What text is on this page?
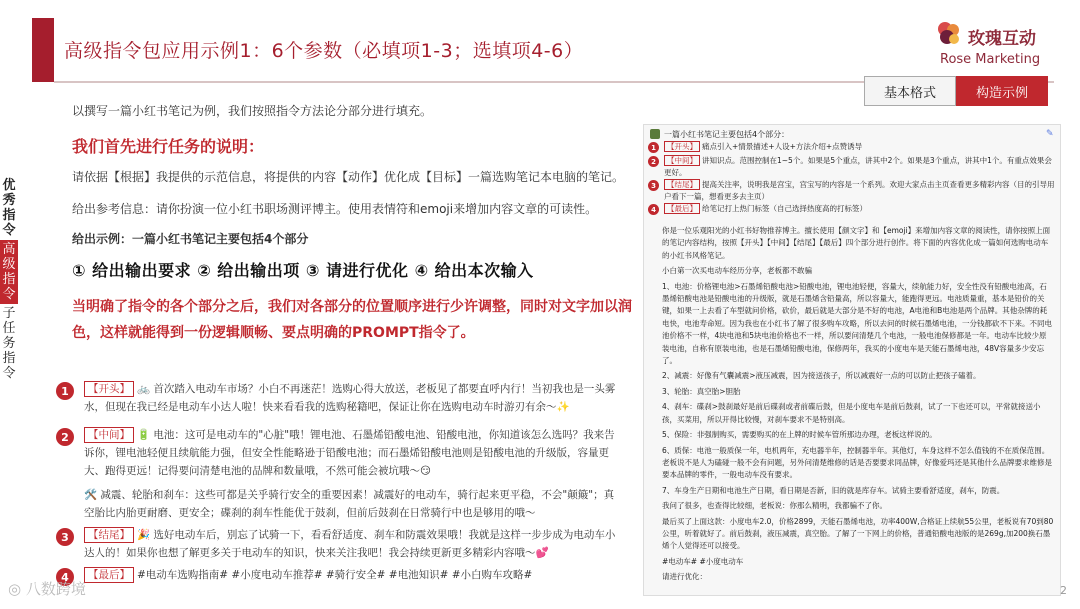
高级指令包应用示例1：6个参数（必填项1-3；选填项4-6）
玫瑰互动
Rose Marketing
基本格式	构造示例
优秀指令
高级指令
子任务指令
以撰写一篇小红书笔记为例，我们按照指令方法论分部分进行填充。
我们首先进行任务的说明：
请依据【根据】我提供的示范信息，将提供的内容【动作】优化成【目标】一篇选购笔记本电脑的笔记。
给出参考信息：请你扮演一位小红书职场测评博主。使用表情符和emoji来增加内容文章的可读性。
给出示例：一篇小红书笔记主要包括4个部分
① 给出输出要求 ② 给出输出项 ③ 请进行优化 ④ 给出本次输入
当明确了指令的各个部分之后，我们对各部分的位置顺序进行少许调整，同时对文字加以润色，这样就能得到一份逻辑顺畅、要点明确的PROMPT指令了。
1	【开头】 🚲 首次踏入电动车市场？小白不再迷茫！选购心得大放送，老板见了都要直呼内行！当初我也是一头雾水，但现在我已经是电动车小达人啦！快来看看我的选购秘籍吧，保证让你在选购电动车时游刃有余～✨
2	【中间】 🔋 电池：这可是电动车的"心脏"哦！锂电池、石墨烯铅酸电池、铅酸电池，你知道该怎么选吗？我来告诉你，锂电池轻便且续航能力强，但安全性能略逊于铅酸电池；而石墨烯铅酸电池则是铅酸电池的升级版，容量更大、跑得更远！记得要问清楚电池的品牌和数量哦，不然可能会被坑哦～😏
🛠️ 减震、轮胎和刹车：这些可都是关乎骑行安全的重要因素！减震好的电动车，骑行起来更平稳，不会"颠簸"；真空胎比内胎更耐磨、更安全；碟刹的刹车性能优于鼓刹，但前后鼓刹在日常骑行中也是够用的哦～
3	【结尾】 🎉 选好电动车后，别忘了试骑一下，看看舒适度、刹车和防震效果哦！我就是这样一步步成为电动车小达人的！如果你也想了解更多关于电动车的知识，快来关注我吧！我会持续更新更多精彩内容哦～💕
4	【最后】 #电动车选购指南# #小度电动车推荐# #骑行安全# #电池知识# #小白购车攻略#
一篇小红书笔记主要包括4个部分：	✎
1	【开头】 痛点引入+情景描述+人设+方法介绍+点赞诱导
2	【中间】 讲知识点。范围控制在1~5个。如果是5个重点，讲其中2个。如果是3个重点，讲其中1个。有重点效果会更好。
3	【结尾】 提高关注率，说明我是宫宝，宫宝写的内容是一个系列。欢迎大家点击主页查看更多精彩内容（目的引导用户看下一篇，想看更多去主页）
4	【最后】 给笔记打上热门标签（自己选择热度高的打标签）

你是一位乐观阳光的小红书好物推荐博主。擅长使用【颜文字】和【emoji】来增加内容文章的阅读性，请你按照上面的笔记内容结构，按照【开头】【中间】【结尾】【最后】四个部分进行创作。将下面的内容优化成一篇如何选购电动车的小红书风格笔记。

小白第一次买电动车经历分享，老板都不敢骗

1、电池：价格锂电池>石墨烯铅酸电池>铅酸电池，锂电池轻便，容量大，续航能力好，安全性没有铅酸电池高，石墨烯铅酸电池是铅酸电池的升级版，就是石墨烯含铅量高，所以容量大，能跑得更远。电池质量重，基本是铅价的关键，如果一上去看了车型就问价格，砍价，最后就是大部分是不好的电池，A电池和B电池是两个品牌。其他杂牌的耗电快，电池寿命短。因为我也在小红书了解了很多购车攻略，所以去问的时候石墨烯电池，一分钱都砍不下来。不同电池价格不一样，4块电池和5块电池价格也不一样，所以要问清楚几个电池，一般电池保修都是一年。电动车比较少原装电池，自称有原装电池，也是石墨烯铅酸电池，保修两年，我买的小度电车是天能石墨烯电池，48V容量多少安忘了。

2、减震：好像有气囊减震>液压减震，因为接送孩子，所以减震好一点的可以防止把孩子磕着。

3、轮胎：真空胎>胆胎

4、刹车：碟刹>鼓刹最好是前后碟刹或者前碟后鼓，但是小度电车是前后鼓刹，试了一下也还可以，平常就接送小孩，买菜用，所以开得比较慢，对刹车要求不是特别高。

5、保险：非强制购买，需要购买的在上牌的时候车管所那边办理，老板这样说的。

6、质保：电池一般质保一年，电机两年，充电器半年，控制器半年。其他灯，车身这样不怎么值钱的不在质保范围。老板说不是人为磕碰一般不会有问题，另外问清楚维修的话是否要要求同品牌，好像爱玛还是其他什么品牌要求维修是要本品牌的零件，一般电动车没有要求。

7、车身生产日期和电池生产日期，看日期是否新，旧的就是库存车。试骑主要看舒适度，刹车，防震。

我问了很多，也查得比较细，老板说：你那么精明，我都骗不了你。

最后买了上面这款：小度电车2.0，价格2899，天能石墨烯电池，功率400W,合格证上续航55公里，老板说有70到80公里，听着就好了。前后鼓刹，液压减震，真空胎。了解了一下网上的价格，普通铅酸电池版的是269g,加200换石墨烯个人觉得还可以接受。

#电动车# #小度电动车

请进行优化：

◎ 八数跨境	2
